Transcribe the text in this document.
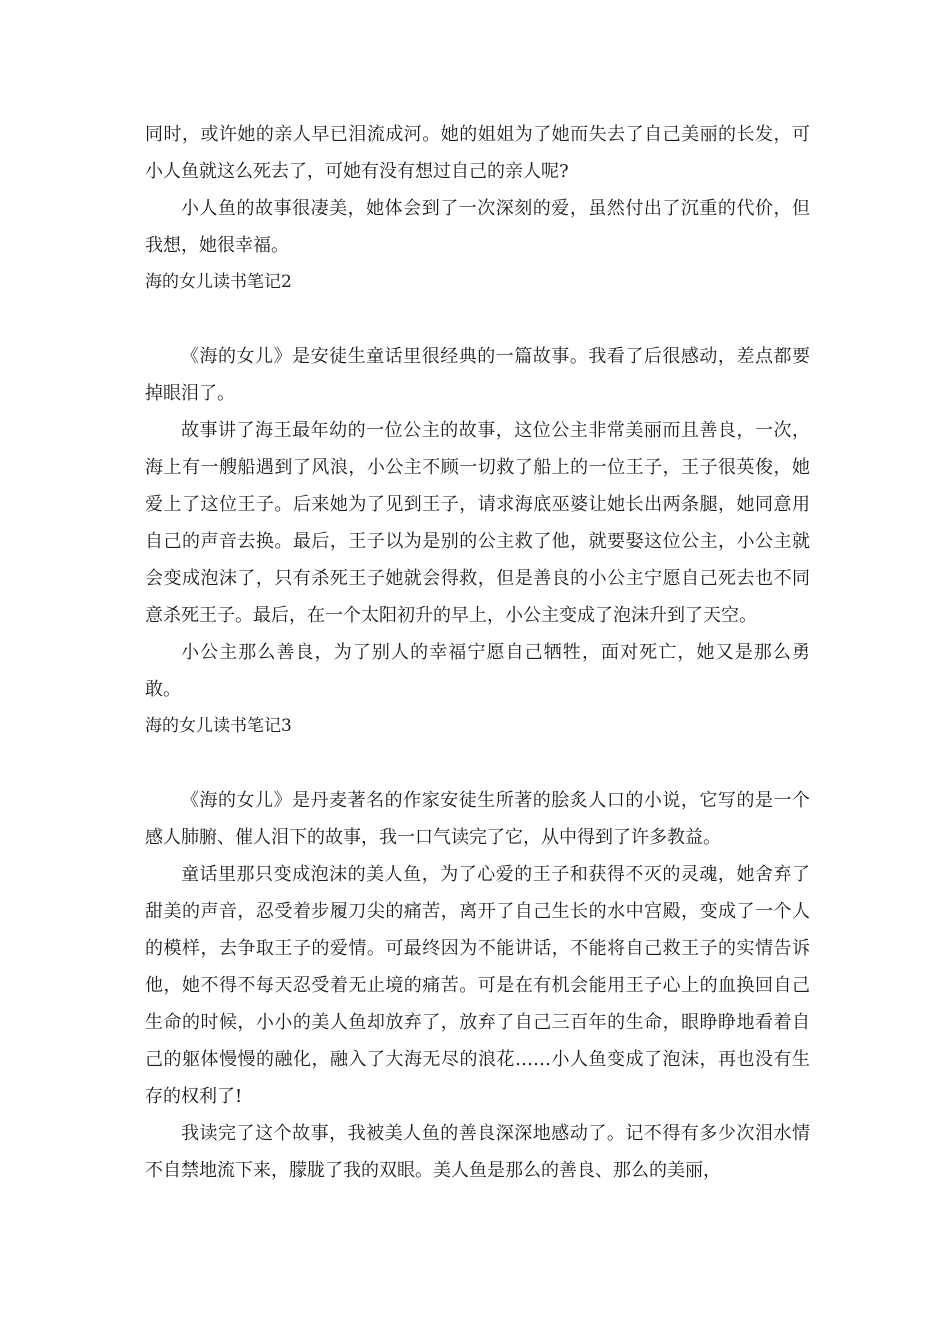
同时，或许她的亲人早已泪流成河。她的姐姐为了她而失去了自己美丽的长发，可小人鱼就这么死去了，可她有没有想过自己的亲人呢?

小人鱼的故事很凄美，她体会到了一次深刻的爱，虽然付出了沉重的代价，但我想，她很幸福。

海的女儿读书笔记2

《海的女儿》是安徒生童话里很经典的一篇故事。我看了后很感动，差点都要掉眼泪了。

故事讲了海王最年幼的一位公主的故事，这位公主非常美丽而且善良，一次，海上有一艘船遇到了风浪，小公主不顾一切救了船上的一位王子，王子很英俊，她爱上了这位王子。后来她为了见到王子，请求海底巫婆让她长出两条腿，她同意用自己的声音去换。最后，王子以为是别的公主救了他，就要娶这位公主，小公主就会变成泡沫了，只有杀死王子她就会得救，但是善良的小公主宁愿自己死去也不同意杀死王子。最后，在一个太阳初升的早上，小公主变成了泡沫升到了天空。

小公主那么善良，为了别人的幸福宁愿自己牺牲，面对死亡，她又是那么勇敢。

海的女儿读书笔记3

《海的女儿》是丹麦著名的作家安徒生所著的脍炙人口的小说，它写的是一个感人肺腑、催人泪下的故事，我一口气读完了它，从中得到了许多教益。

童话里那只变成泡沫的美人鱼，为了心爱的王子和获得不灭的灵魂，她舍弃了甜美的声音，忍受着步履刀尖的痛苦，离开了自己生长的水中宫殿，变成了一个人的模样，去争取王子的爱情。可最终因为不能讲话，不能将自己救王子的实情告诉他，她不得不每天忍受着无止境的痛苦。可是在有机会能用王子心上的血换回自己生命的时候，小小的美人鱼却放弃了，放弃了自己三百年的生命，眼睁睁地看着自己的躯体慢慢的融化，融入了大海无尽的浪花……小人鱼变成了泡沫，再也没有生存的权利了!

我读完了这个故事，我被美人鱼的善良深深地感动了。记不得有多少次泪水情不自禁地流下来，朦胧了我的双眼。美人鱼是那么的善良、那么的美丽，
